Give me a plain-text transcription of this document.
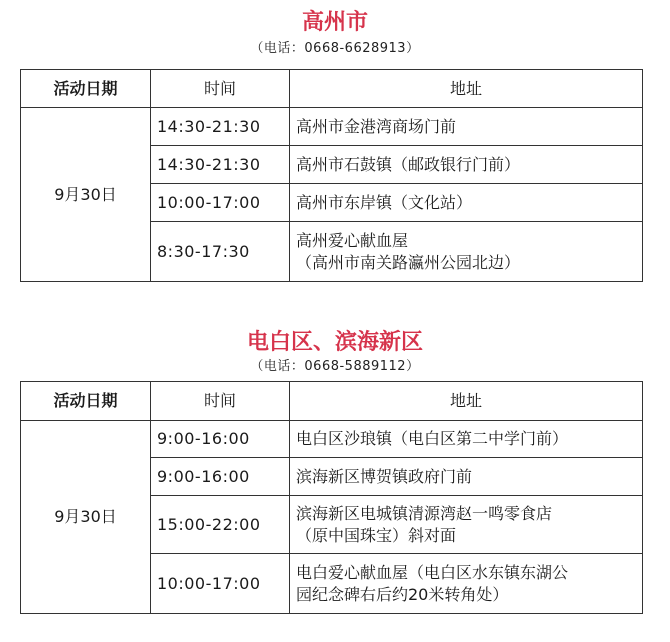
高州市
（电话：0668-6628913）
活动日期	时间	地址
9月30日	14:30-21:30	高州市金港湾商场门前
	14:30-21:30	高州市石鼓镇（邮政银行门前）
	10:00-17:00	高州市东岸镇（文化站）
	8:30-17:30	高州爱心献血屋
（高州市南关路瀛州公园北边）
电白区、滨海新区
（电话：0668-5889112）
活动日期	时间	地址
9月30日	9:00-16:00	电白区沙琅镇（电白区第二中学门前）
	9:00-16:00	滨海新区博贺镇政府门前
	15:00-22:00	滨海新区电城镇清源湾赵一鸣零食店
（原中国珠宝）斜对面
	10:00-17:00	电白爱心献血屋（电白区水东镇东湖公
园纪念碑右后约20米转角处）
